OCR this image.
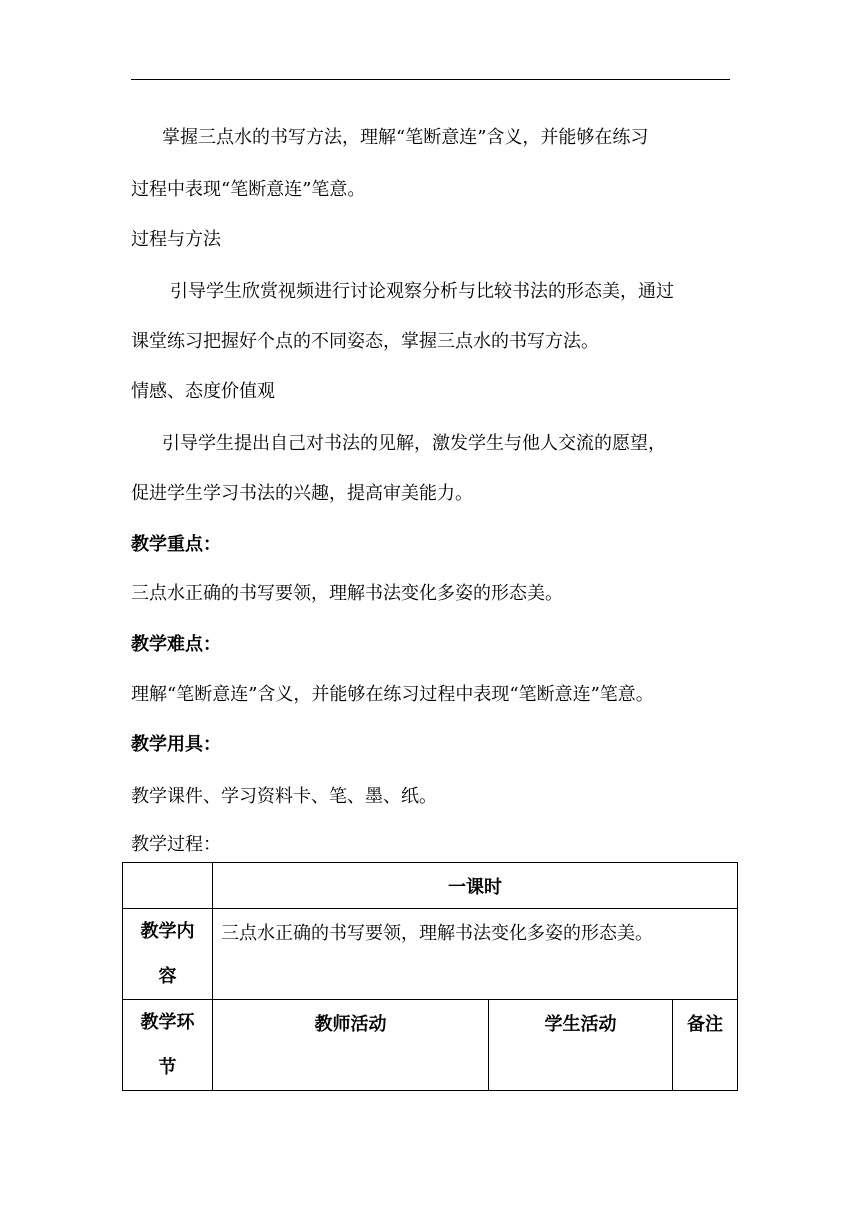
掌握三点水的书写方法，理解“笔断意连”含义，并能够在练习
过程中表现“笔断意连”笔意。
过程与方法
引导学生欣赏视频进行讨论观察分析与比较书法的形态美，通过
课堂练习把握好个点的不同姿态，掌握三点水的书写方法。
情感、态度价值观
引导学生提出自己对书法的见解，激发学生与他人交流的愿望，
促进学生学习书法的兴趣，提高审美能力。
教学重点：
三点水正确的书写要领，理解书法变化多姿的形态美。
教学难点：
理解“笔断意连”含义，并能够在练习过程中表现“笔断意连”笔意。
教学用具：
教学课件、学习资料卡、笔、墨、纸。
教学过程：
	一课时		

教学内容	三点水正确的书写要领，理解书法变化多姿的形态美。		

教学环节	教师活动	学生活动	备注
